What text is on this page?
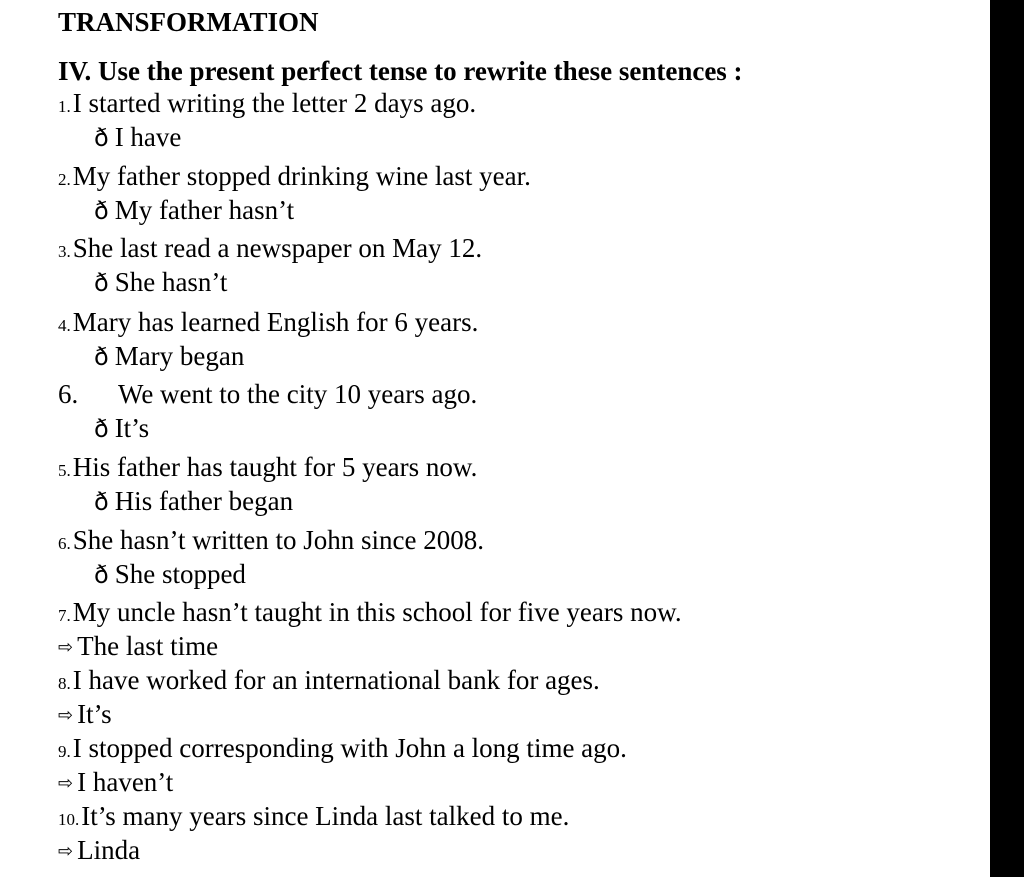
TRANSFORMATION
IV. Use the present perfect tense to rewrite these sentences :
1.I started writing the letter 2 days ago.
ð I have
2.My father stopped drinking wine last year.
ð My father hasn’t
3.She last read a newspaper on May 12.
ð She hasn’t
4.Mary has learned English for 6 years.
ð Mary began
6. We went to the city 10 years ago.
ð It’s
5.His father has taught for 5 years now.
ð His father began
6.She hasn’t written to John since 2008.
ð She stopped
7.My uncle hasn’t taught in this school for five years now.
⇨ The last time
8.I have worked for an international bank for ages.
⇨ It’s
9.I stopped corresponding with John a long time ago.
⇨ I haven’t
10.It’s many years since Linda last talked to me.
⇨ Linda
